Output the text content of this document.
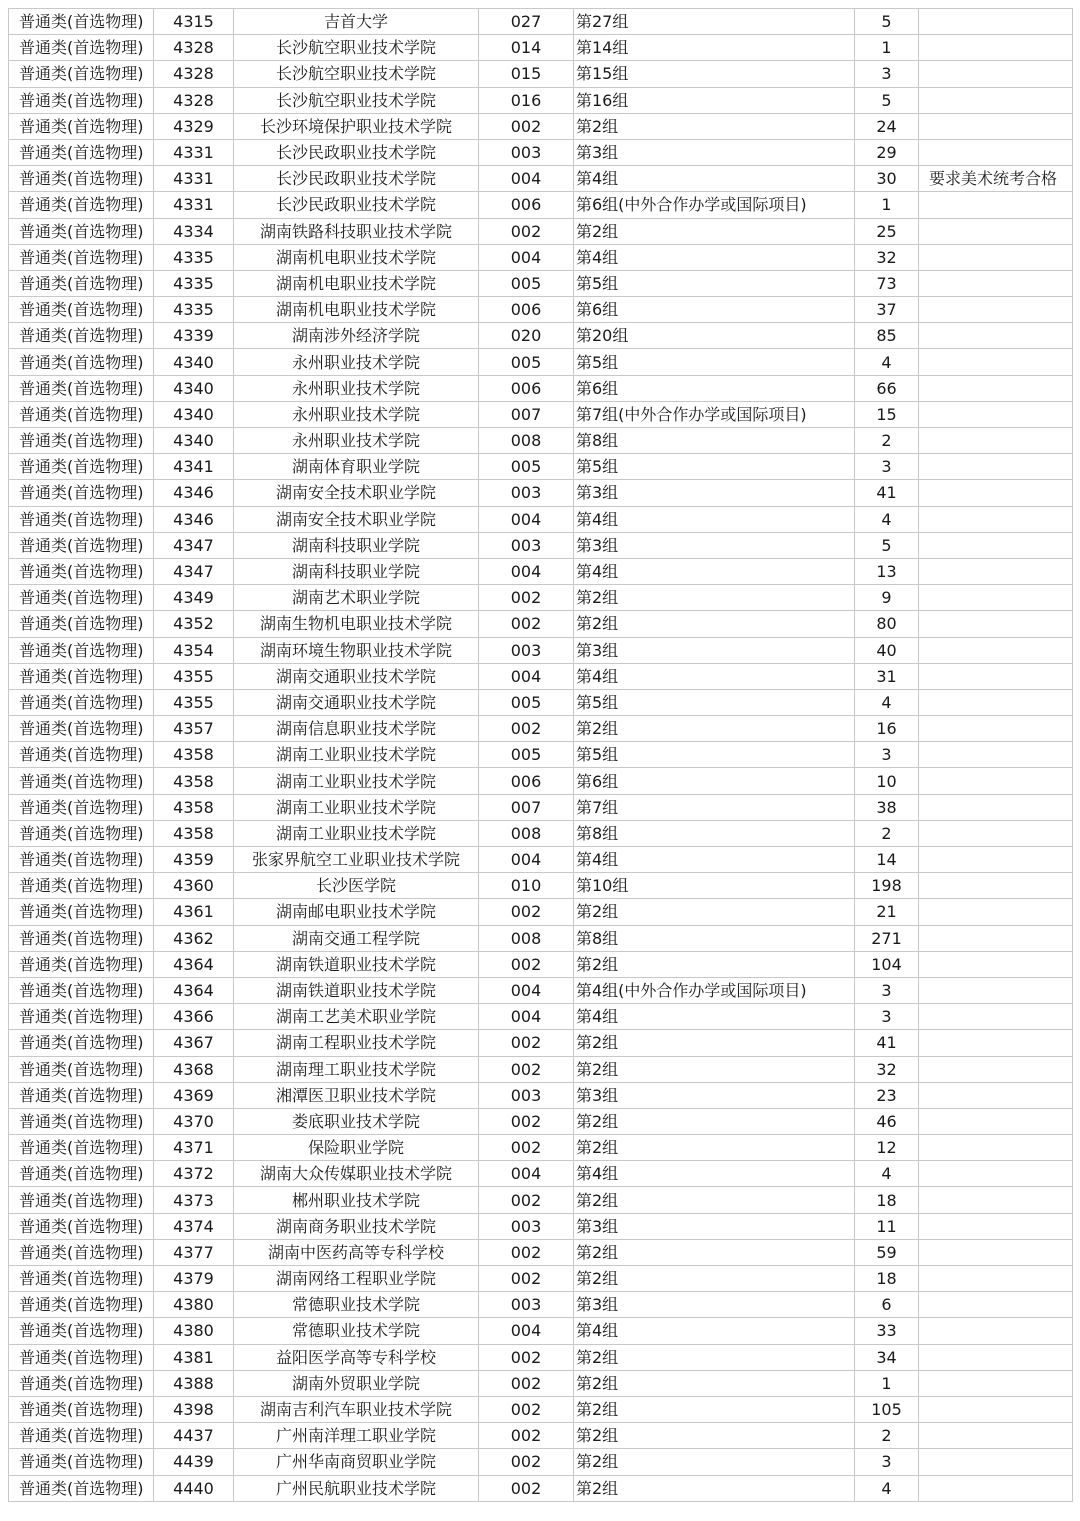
普通类(首选物理)	4315	吉首大学	027	第27组	5	
普通类(首选物理)	4328	长沙航空职业技术学院	014	第14组	1	
普通类(首选物理)	4328	长沙航空职业技术学院	015	第15组	3	
普通类(首选物理)	4328	长沙航空职业技术学院	016	第16组	5	
普通类(首选物理)	4329	长沙环境保护职业技术学院	002	第2组	24	
普通类(首选物理)	4331	长沙民政职业技术学院	003	第3组	29	
普通类(首选物理)	4331	长沙民政职业技术学院	004	第4组	30	要求美术统考合格
普通类(首选物理)	4331	长沙民政职业技术学院	006	第6组(中外合作办学或国际项目)	1	
普通类(首选物理)	4334	湖南铁路科技职业技术学院	002	第2组	25	
普通类(首选物理)	4335	湖南机电职业技术学院	004	第4组	32	
普通类(首选物理)	4335	湖南机电职业技术学院	005	第5组	73	
普通类(首选物理)	4335	湖南机电职业技术学院	006	第6组	37	
普通类(首选物理)	4339	湖南涉外经济学院	020	第20组	85	
普通类(首选物理)	4340	永州职业技术学院	005	第5组	4	
普通类(首选物理)	4340	永州职业技术学院	006	第6组	66	
普通类(首选物理)	4340	永州职业技术学院	007	第7组(中外合作办学或国际项目)	15	
普通类(首选物理)	4340	永州职业技术学院	008	第8组	2	
普通类(首选物理)	4341	湖南体育职业学院	005	第5组	3	
普通类(首选物理)	4346	湖南安全技术职业学院	003	第3组	41	
普通类(首选物理)	4346	湖南安全技术职业学院	004	第4组	4	
普通类(首选物理)	4347	湖南科技职业学院	003	第3组	5	
普通类(首选物理)	4347	湖南科技职业学院	004	第4组	13	
普通类(首选物理)	4349	湖南艺术职业学院	002	第2组	9	
普通类(首选物理)	4352	湖南生物机电职业技术学院	002	第2组	80	
普通类(首选物理)	4354	湖南环境生物职业技术学院	003	第3组	40	
普通类(首选物理)	4355	湖南交通职业技术学院	004	第4组	31	
普通类(首选物理)	4355	湖南交通职业技术学院	005	第5组	4	
普通类(首选物理)	4357	湖南信息职业技术学院	002	第2组	16	
普通类(首选物理)	4358	湖南工业职业技术学院	005	第5组	3	
普通类(首选物理)	4358	湖南工业职业技术学院	006	第6组	10	
普通类(首选物理)	4358	湖南工业职业技术学院	007	第7组	38	
普通类(首选物理)	4358	湖南工业职业技术学院	008	第8组	2	
普通类(首选物理)	4359	张家界航空工业职业技术学院	004	第4组	14	
普通类(首选物理)	4360	长沙医学院	010	第10组	198	
普通类(首选物理)	4361	湖南邮电职业技术学院	002	第2组	21	
普通类(首选物理)	4362	湖南交通工程学院	008	第8组	271	
普通类(首选物理)	4364	湖南铁道职业技术学院	002	第2组	104	
普通类(首选物理)	4364	湖南铁道职业技术学院	004	第4组(中外合作办学或国际项目)	3	
普通类(首选物理)	4366	湖南工艺美术职业学院	004	第4组	3	
普通类(首选物理)	4367	湖南工程职业技术学院	002	第2组	41	
普通类(首选物理)	4368	湖南理工职业技术学院	002	第2组	32	
普通类(首选物理)	4369	湘潭医卫职业技术学院	003	第3组	23	
普通类(首选物理)	4370	娄底职业技术学院	002	第2组	46	
普通类(首选物理)	4371	保险职业学院	002	第2组	12	
普通类(首选物理)	4372	湖南大众传媒职业技术学院	004	第4组	4	
普通类(首选物理)	4373	郴州职业技术学院	002	第2组	18	
普通类(首选物理)	4374	湖南商务职业技术学院	003	第3组	11	
普通类(首选物理)	4377	湖南中医药高等专科学校	002	第2组	59	
普通类(首选物理)	4379	湖南网络工程职业学院	002	第2组	18	
普通类(首选物理)	4380	常德职业技术学院	003	第3组	6	
普通类(首选物理)	4380	常德职业技术学院	004	第4组	33	
普通类(首选物理)	4381	益阳医学高等专科学校	002	第2组	34	
普通类(首选物理)	4388	湖南外贸职业学院	002	第2组	1	
普通类(首选物理)	4398	湖南吉利汽车职业技术学院	002	第2组	105	
普通类(首选物理)	4437	广州南洋理工职业学院	002	第2组	2	
普通类(首选物理)	4439	广州华南商贸职业学院	002	第2组	3	
普通类(首选物理)	4440	广州民航职业技术学院	002	第2组	4	
